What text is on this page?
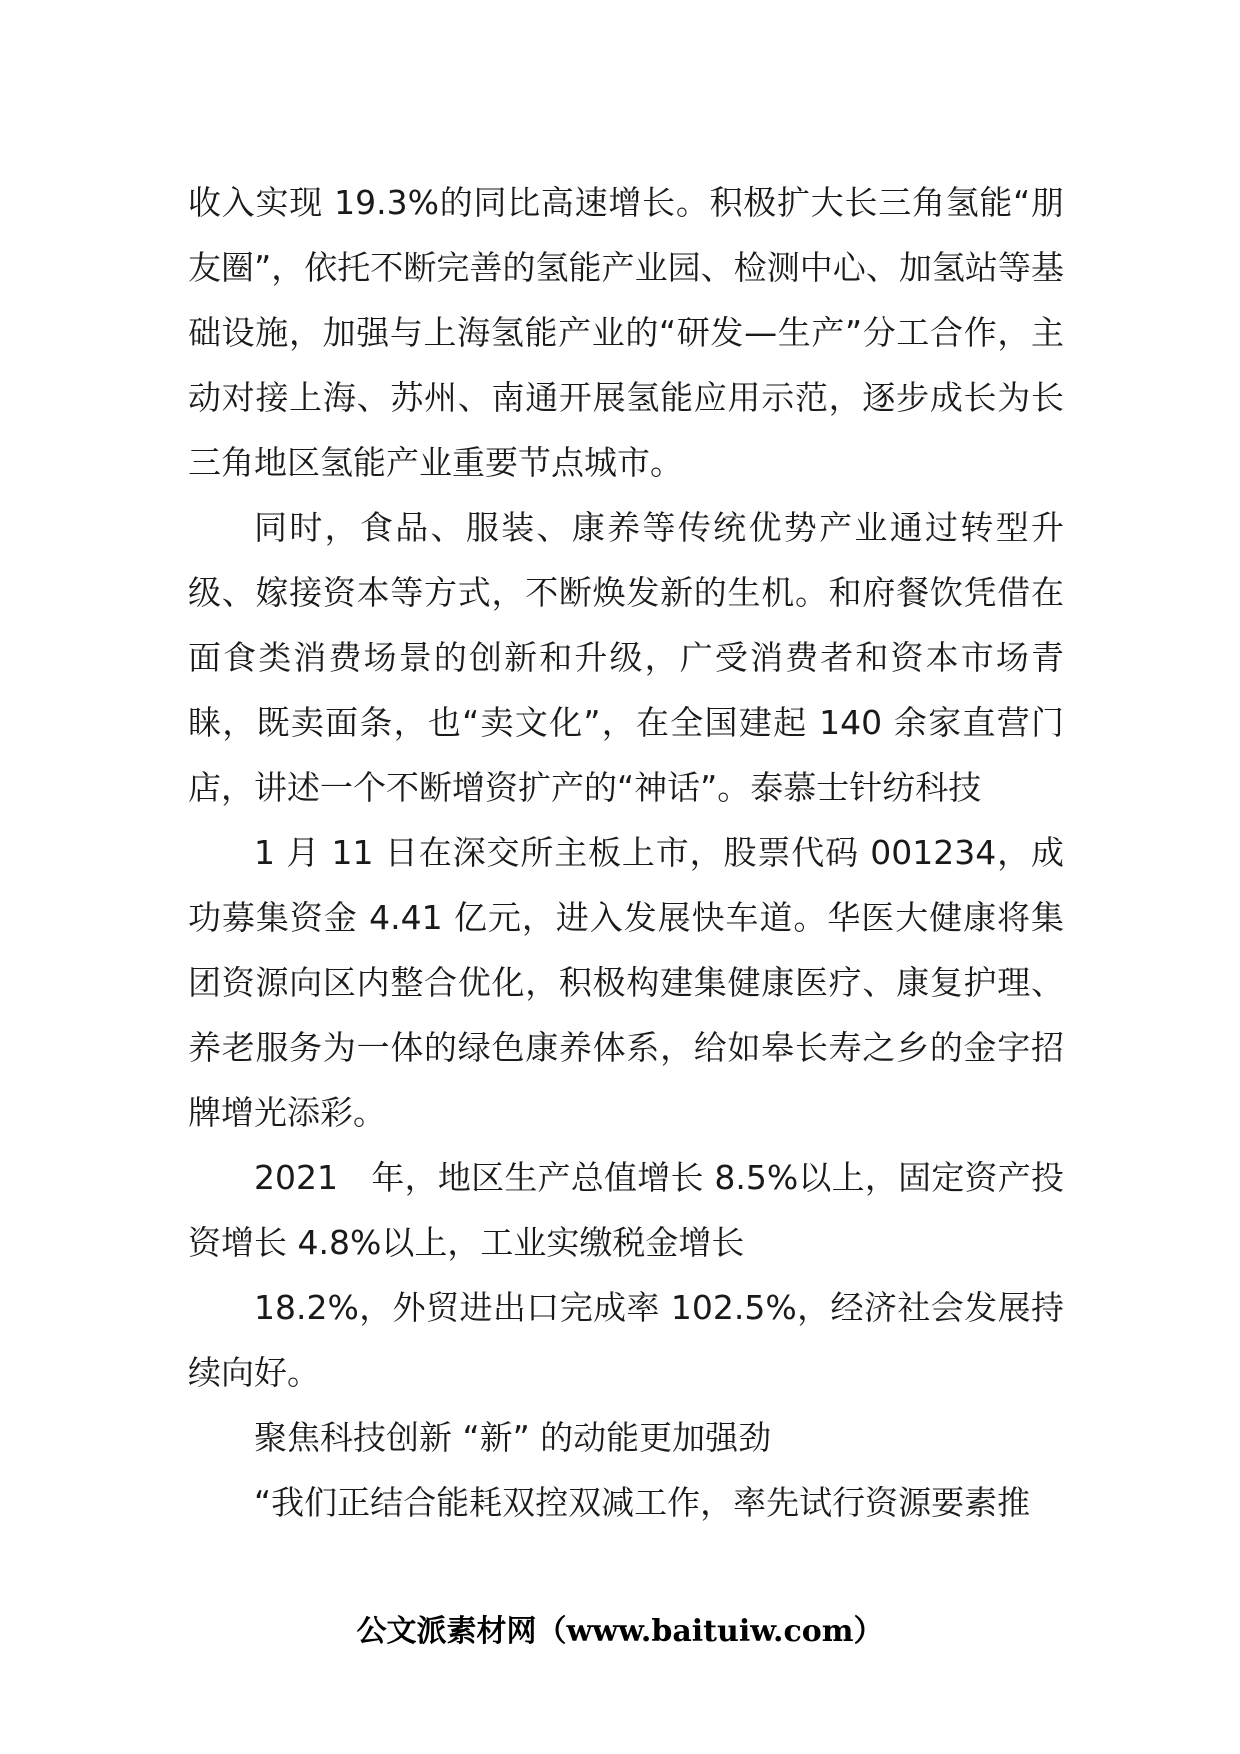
收入实现 19.3%的同比高速增长。积极扩大长三角氢能“朋友圈”，依托不断完善的氢能产业园、检测中心、加氢站等基础设施，加强与上海氢能产业的“研发—生产”分工合作，主动对接上海、苏州、南通开展氢能应用示范，逐步成长为长三角地区氢能产业重要节点城市。

同时，食品、服装、康养等传统优势产业通过转型升级、嫁接资本等方式，不断焕发新的生机。和府餐饮凭借在面食类消费场景的创新和升级，广受消费者和资本市场青睐，既卖面条，也“卖文化”，在全国建起 140 余家直营门店，讲述一个不断增资扩产的“神话”。泰慕士针纺科技

1 月 11 日在深交所主板上市，股票代码 001234，成功募集资金 4.41 亿元，进入发展快车道。华医大健康将集团资源向区内整合优化，积极构建集健康医疗、康复护理、养老服务为一体的绿色康养体系，给如皋长寿之乡的金字招牌增光添彩。

2021　年，地区生产总值增长 8.5%以上，固定资产投资增长 4.8%以上，工业实缴税金增长

18.2%，外贸进出口完成率 102.5%，经济社会发展持续向好。

聚焦科技创新 “新” 的动能更加强劲

“我们正结合能耗双控双减工作，率先试行资源要素推

公文派素材网（www.baituiw.com）
